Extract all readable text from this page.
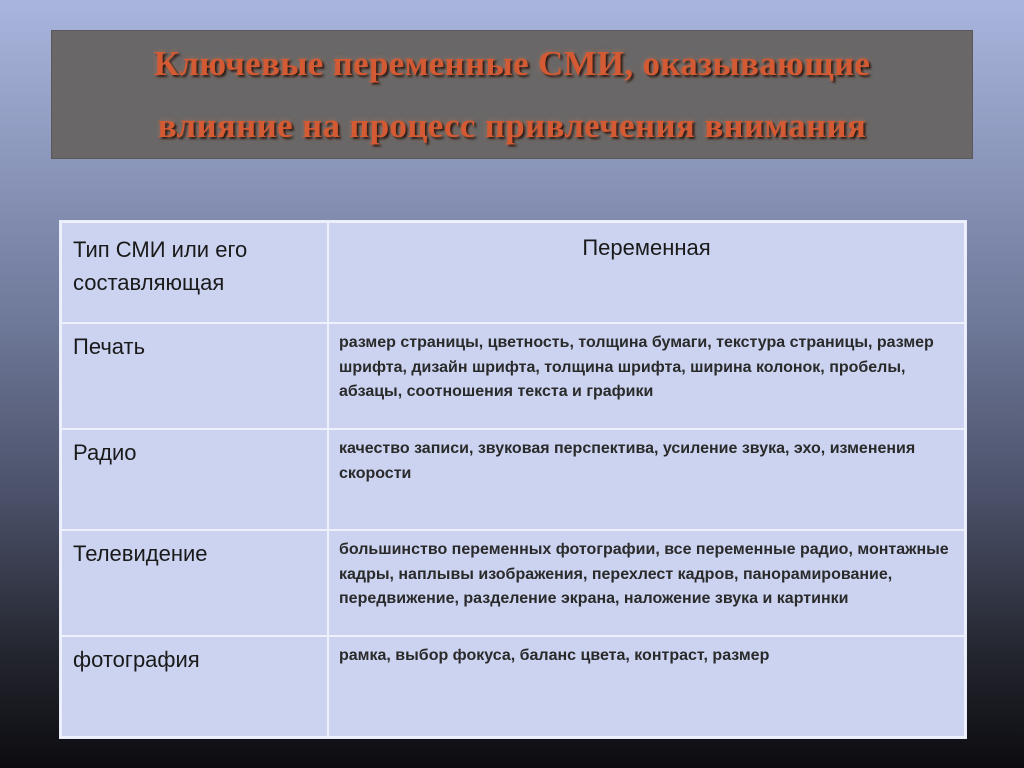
Ключевые переменные СМИ, оказывающие
влияние на процесс привлечения внимания
Тип СМИ или его составляющая	Переменная
Печать	размер страницы, цветность, толщина бумаги, текстура страницы, размер шрифта, дизайн шрифта, толщина шрифта, ширина колонок, пробелы, абзацы, соотношения текста и графики
Радио	качество записи, звуковая перспектива, усиление звука, эхо, изменения скорости
Телевидение	большинство переменных фотографии, все переменные радио, монтажные кадры, наплывы изображения, перехлест кадров, панорамирование, передвижение, разделение экрана, наложение звука и картинки
фотография	рамка, выбор фокуса, баланс цвета, контраст, размер
